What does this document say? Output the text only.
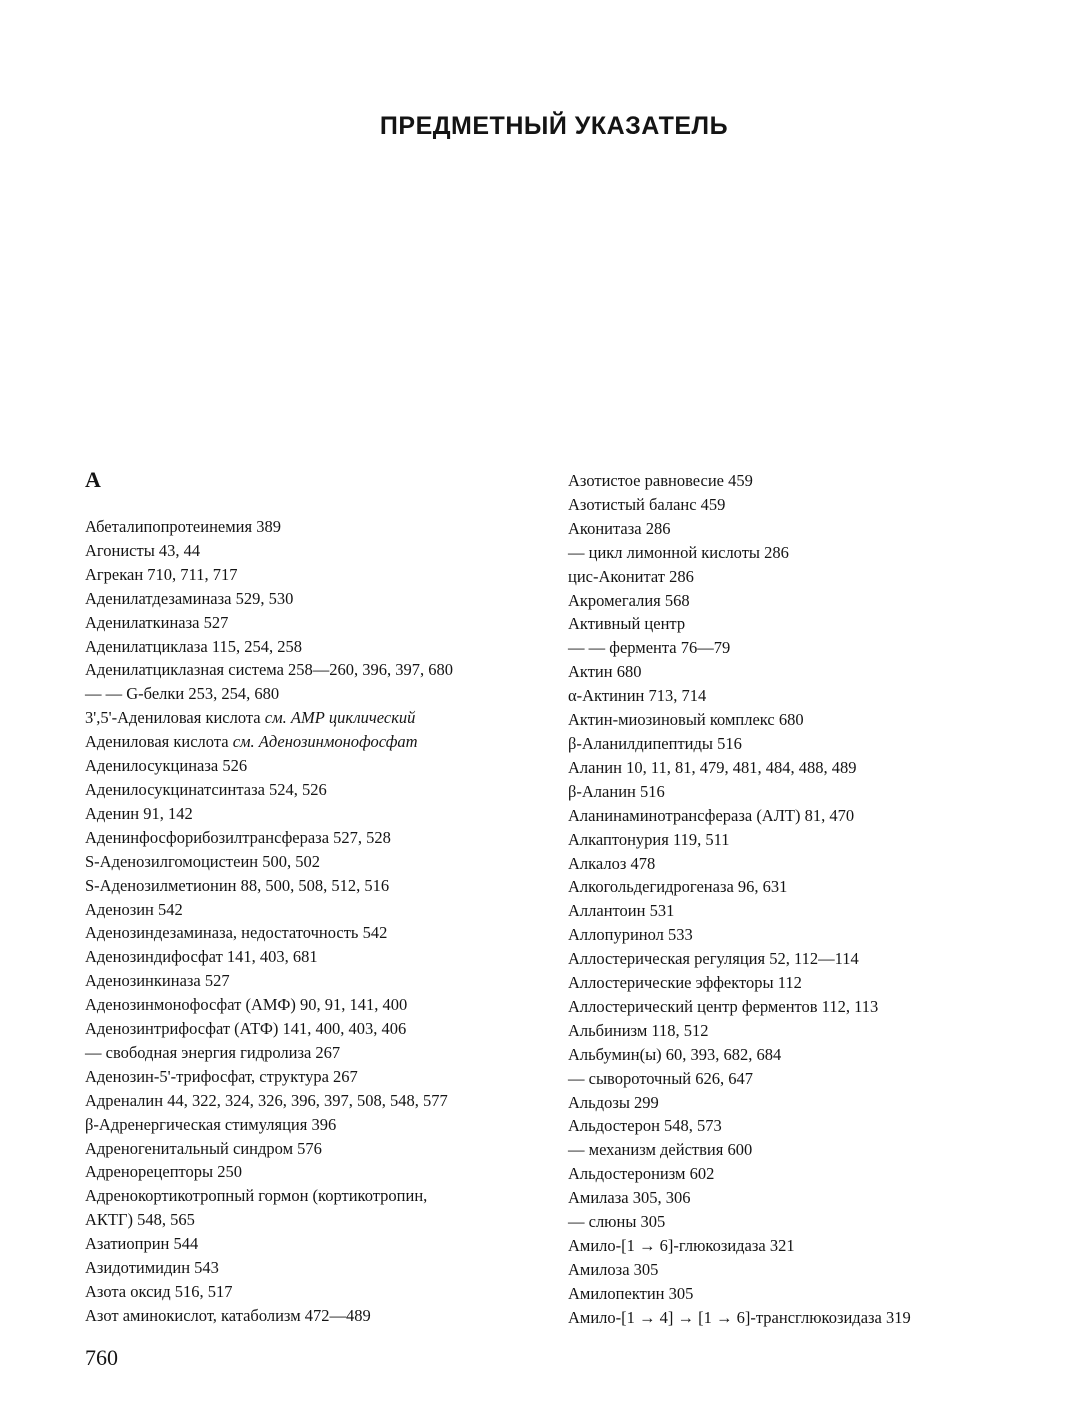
ПРЕДМЕТНЫЙ УКАЗАТЕЛЬ
А
Абеталипопротеинемия 389
Агонисты 43, 44
Агрекан 710, 711, 717
Аденилатдезаминаза 529, 530
Аденилаткиназа 527
Аденилатциклаза 115, 254, 258
Аденилатциклазная система 258—260, 396, 397, 680
— — G-белки 253, 254, 680
3',5'-Адениловая кислота см. АМР циклический
Адениловая кислота см. Аденозинмонофосфат
Аденилосукциназа 526
Аденилосукцинатсинтаза 524, 526
Аденин 91, 142
Аденинфосфорибозилтрансфераза 527, 528
S-Аденозилгомоцистеин 500, 502
S-Аденозилметионин 88, 500, 508, 512, 516
Аденозин 542
Аденозиндезаминаза, недостаточность 542
Аденозиндифосфат 141, 403, 681
Аденозинкиназа 527
Аденозинмонофосфат (АМФ) 90, 91, 141, 400
Аденозинтрифосфат (АТФ) 141, 400, 403, 406
— свободная энергия гидролиза 267
Аденозин-5'-трифосфат, структура 267
Адреналин 44, 322, 324, 326, 396, 397, 508, 548, 577
β-Адренергическая стимуляция 396
Адреногенитальный синдром 576
Адренорецепторы 250
Адренокортикотропный гормон (кортикотропин,
АКТГ) 548, 565
Азатиоприн 544
Азидотимидин 543
Азота оксид 516, 517
Азот аминокислот, катаболизм 472—489
Азотистое равновесие 459
Азотистый баланс 459
Аконитаза 286
— цикл лимонной кислоты 286
цис-Аконитат 286
Акромегалия 568
Активный центр
— — фермента 76—79
Актин 680
α-Актинин 713, 714
Актин-миозиновый комплекс 680
β-Аланилдипептиды 516
Аланин 10, 11, 81, 479, 481, 484, 488, 489
β-Аланин 516
Аланинаминотрансфераза (АЛТ) 81, 470
Алкаптонурия 119, 511
Алкалоз 478
Алкогольдегидрогеназа 96, 631
Аллантоин 531
Аллопуринол 533
Аллостерическая регуляция 52, 112—114
Аллостерические эффекторы 112
Аллостерический центр ферментов 112, 113
Альбинизм 118, 512
Альбумин(ы) 60, 393, 682, 684
— сывороточный 626, 647
Альдозы 299
Альдостерон 548, 573
— механизм действия 600
Альдостеронизм 602
Амилаза 305, 306
— слюны 305
Амило-[1 → 6]-глюкозидаза 321
Амилоза 305
Амилопектин 305
Амило-[1 → 4] → [1 → 6]-трансглюкозидаза 319
760
